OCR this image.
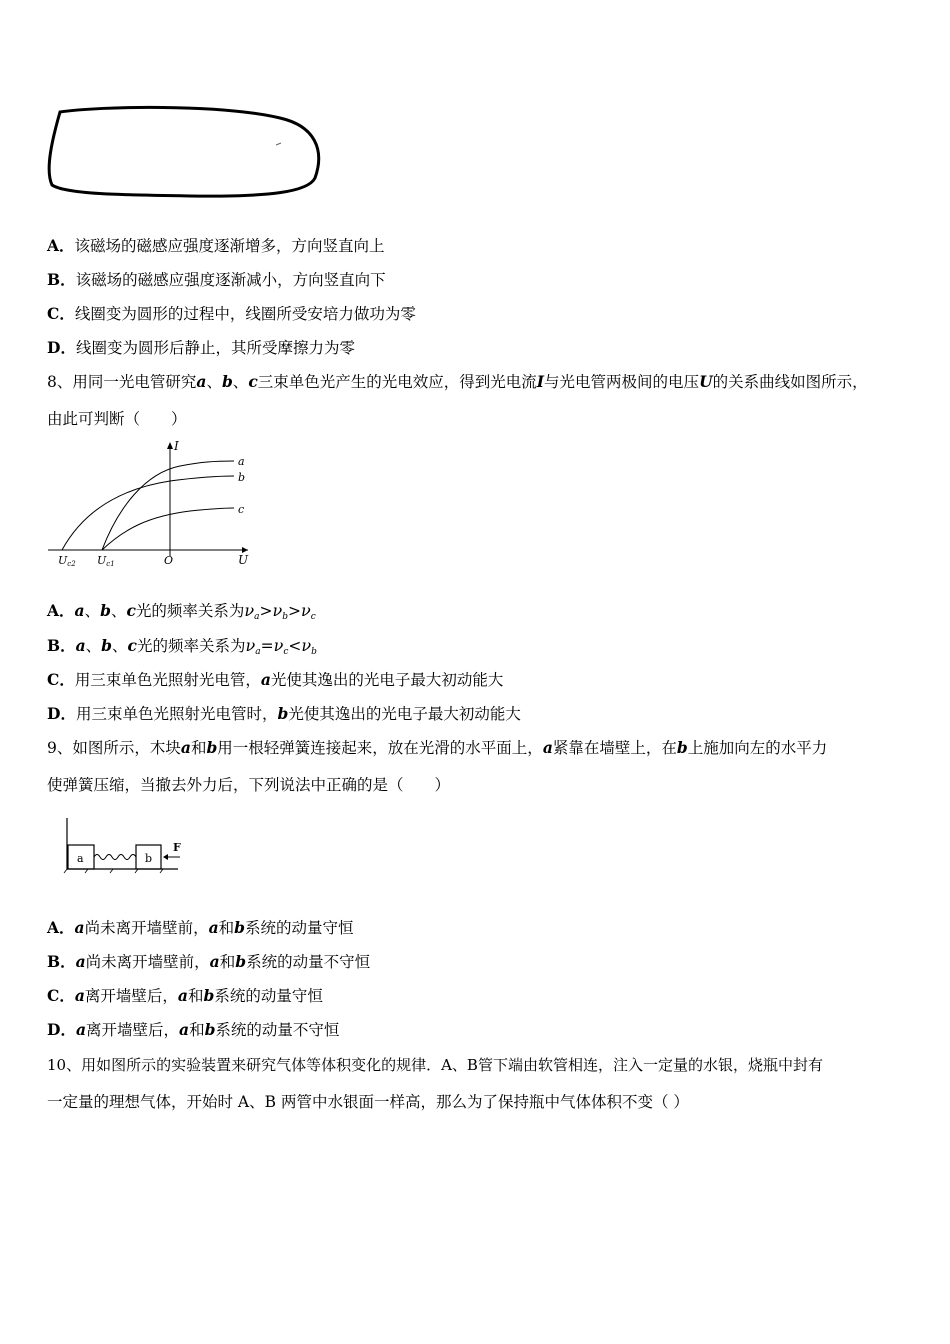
A．该磁场的磁感应强度逐渐增多，方向竖直向上
B．该磁场的磁感应强度逐渐减小，方向竖直向下
C．线圈变为圆形的过程中，线圈所受安培力做功为零
D．线圈变为圆形后静止，其所受摩擦力为零
8、用同一光电管研究a、b、c三束单色光产生的光电效应，得到光电流I与光电管两极间的电压U的关系曲线如图所示，
由此可判断（　　）
I
a
b
c
O	U
Uc2 Uc1
A．a、b、c光的频率关系为$\nu_a>\nu_b>\nu_c$
B．a、b、c光的频率关系为$\nu_a=\nu_c<\nu_b$
C．用三束单色光照射光电管，a光使其逸出的光电子最大初动能大
D．用三束单色光照射光电管时，b光使其逸出的光电子最大初动能大
9、如图所示，木块a和b用一根轻弹簧连接起来，放在光滑的水平面上，a紧靠在墙壁上，在b上施加向左的水平力
使弹簧压缩，当撤去外力后，下列说法中正确的是（　　）
a	b
F
A．a尚未离开墙壁前，a和b系统的动量守恒
B．a尚未离开墙壁前，a和b系统的动量不守恒
C．a离开墙壁后，a和b系统的动量守恒
D．a离开墙壁后，a和b系统的动量不守恒
10、用如图所示的实验装置来研究气体等体积变化的规律．A、B管下端由软管相连，注入一定量的水银，烧瓶中封有
一定量的理想气体，开始时 A、B 两管中水银面一样高，那么为了保持瓶中气体体积不变（ ）
